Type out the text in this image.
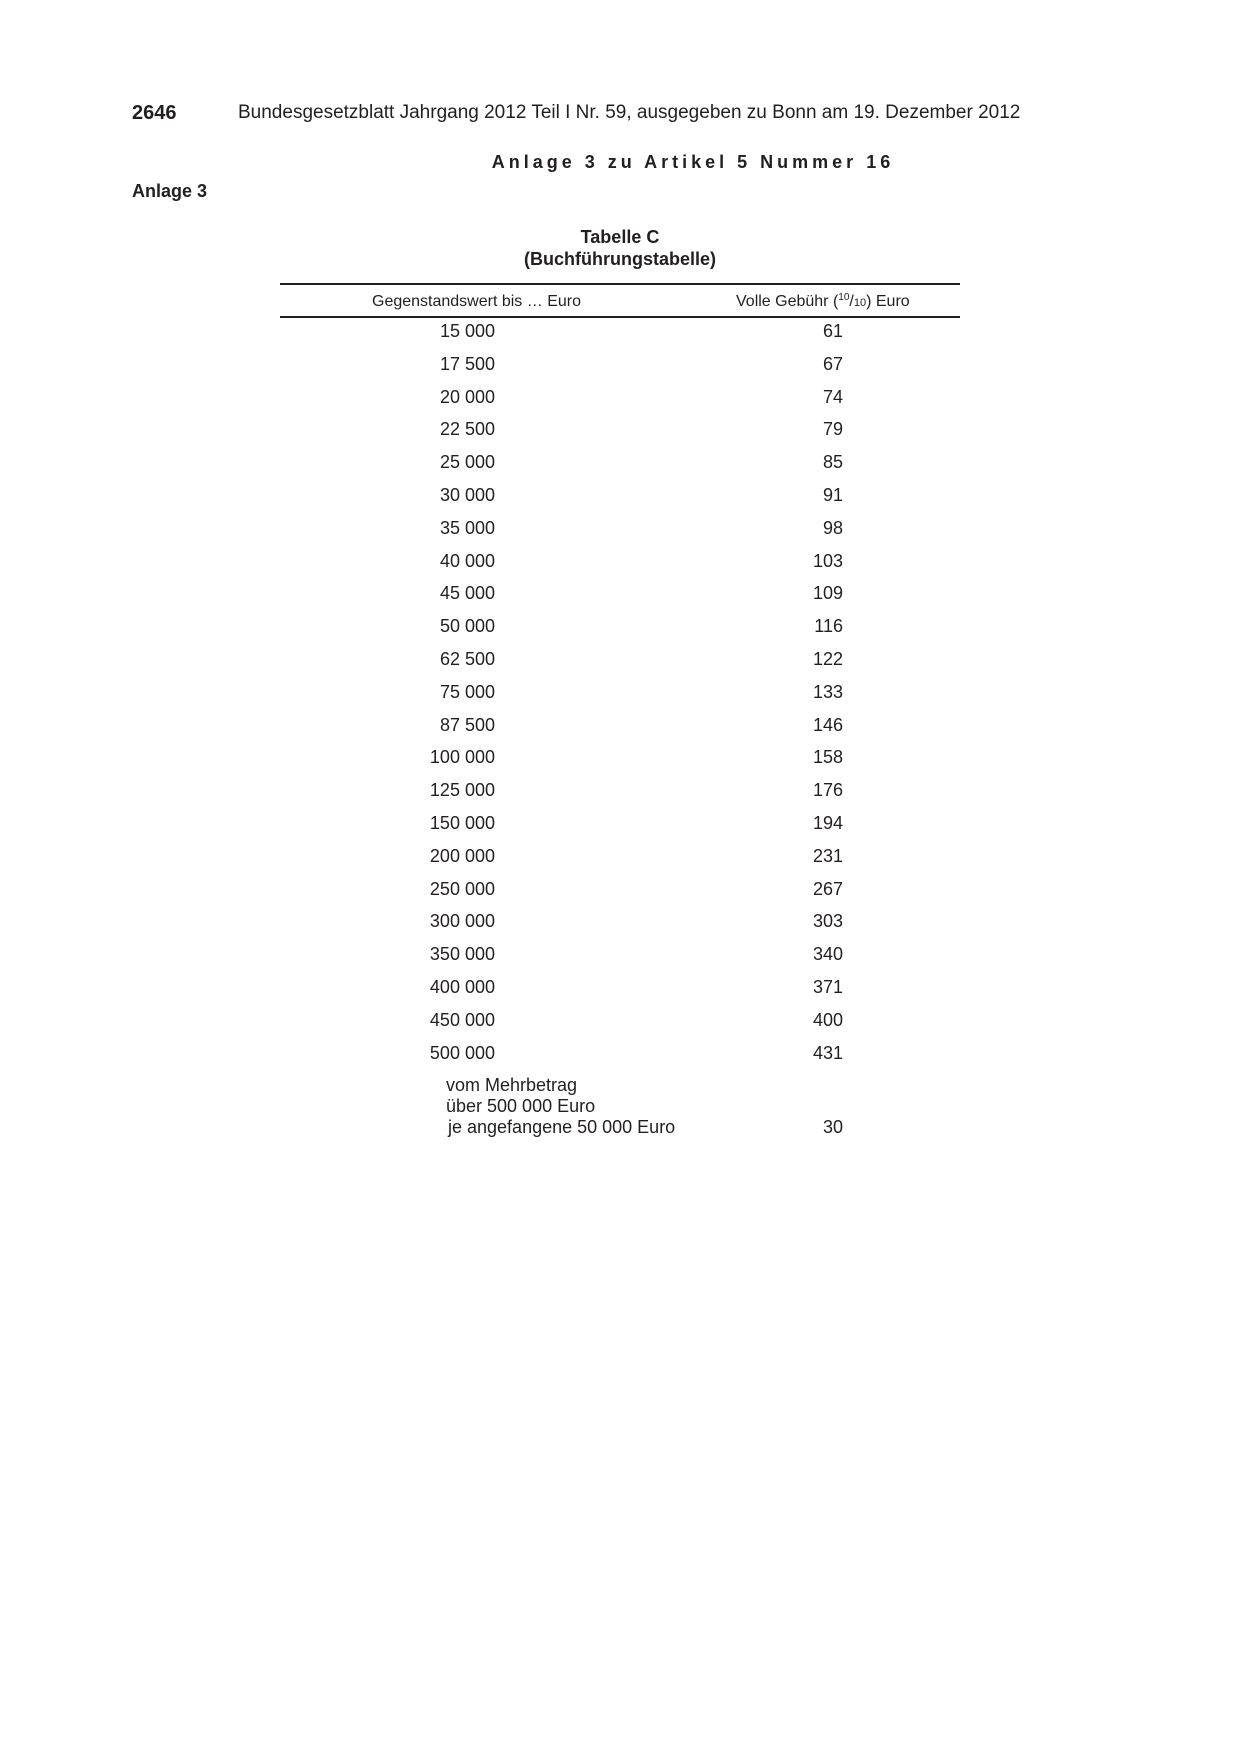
2646	Bundesgesetzblatt Jahrgang 2012 Teil I Nr. 59, ausgegeben zu Bonn am 19. Dezember 2012
Anlage 3 zu Artikel 5 Nummer 16
Anlage 3
Tabelle C
(Buchführungstabelle)
Gegenstandswert bis … Euro	Volle Gebühr ($^{10}$/10) Euro
15 000	61
17 500	67
20 000	74
22 500	79
25 000	85
30 000	91
35 000	98
40 000	103
45 000	109
50 000	116
62 500	122
75 000	133
87 500	146
100 000	158
125 000	176
150 000	194
200 000	231
250 000	267
300 000	303
350 000	340
400 000	371
450 000	400
500 000	431
vom Mehrbetrag
über 500 000 Euro
je angefangene 50 000 Euro	30
